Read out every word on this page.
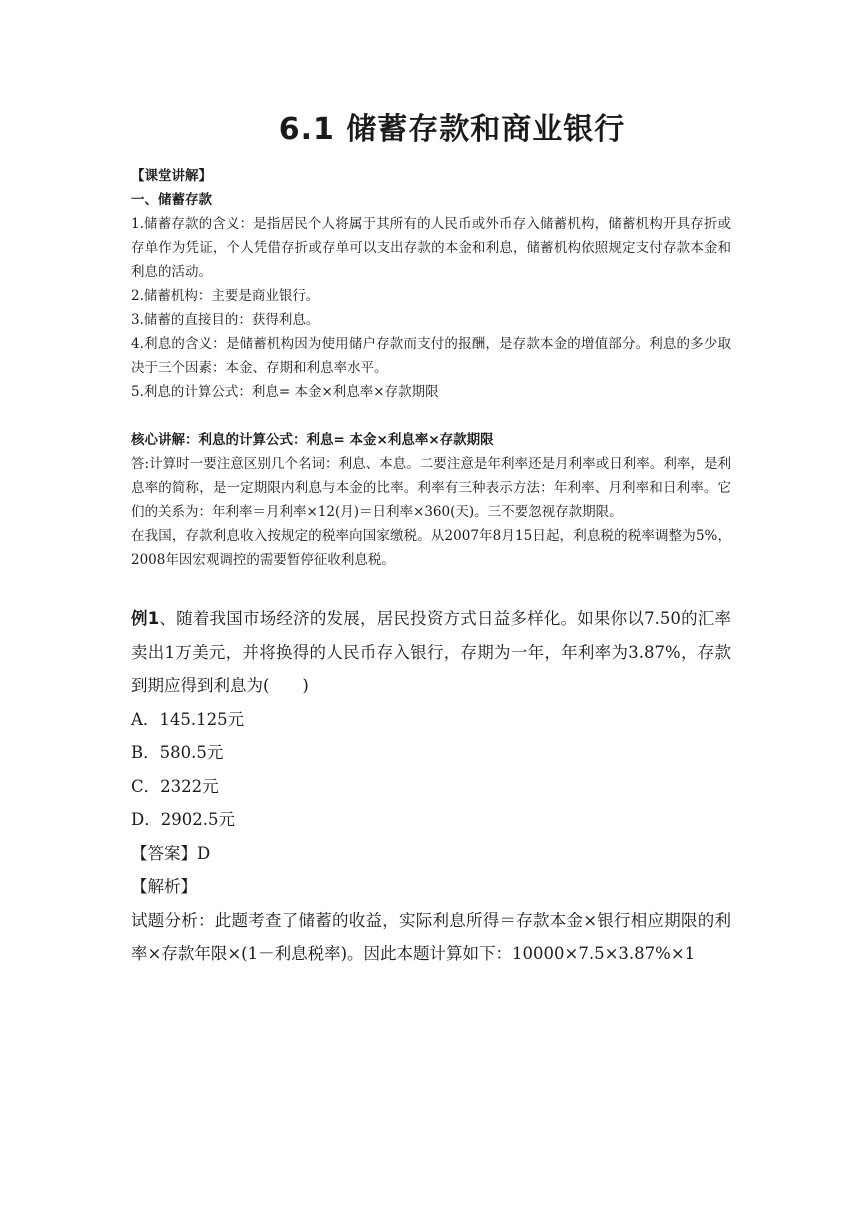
6.1 储蓄存款和商业银行
【课堂讲解】
一、储蓄存款
1.储蓄存款的含义：是指居民个人将属于其所有的人民币或外币存入储蓄机构，储蓄机构开具存折或存单作为凭证，个人凭借存折或存单可以支出存款的本金和利息，储蓄机构依照规定支付存款本金和利息的活动。
2.储蓄机构：主要是商业银行。
3.储蓄的直接目的：获得利息。
4.利息的含义：是储蓄机构因为使用储户存款而支付的报酬，是存款本金的增值部分。利息的多少取决于三个因素：本金、存期和利息率水平。
5.利息的计算公式：利息= 本金×利息率×存款期限
核心讲解：利息的计算公式：利息= 本金×利息率×存款期限
答:计算时一要注意区别几个名词：利息、本息。二要注意是年利率还是月利率或日利率。利率，是利息率的简称，是一定期限内利息与本金的比率。利率有三种表示方法：年利率、月利率和日利率。它们的关系为：年利率＝月利率×12(月)＝日利率×360(天)。三不要忽视存款期限。
在我国，存款利息收入按规定的税率向国家缴税。从2007年8月15日起，利息税的税率调整为5%，2008年因宏观调控的需要暂停征收利息税。
例1、随着我国市场经济的发展，居民投资方式日益多样化。如果你以7.50的汇率卖出1万美元，并将换得的人民币存入银行，存期为一年，年利率为3.87%，存款到期应得到利息为(　　)
A．145.125元
B．580.5元
C．2322元
D．2902.5元
【答案】D
【解析】
试题分析：此题考查了储蓄的收益，实际利息所得＝存款本金×银行相应期限的利率×存款年限×(1－利息税率)。因此本题计算如下：10000×7.5×3.87%×1
